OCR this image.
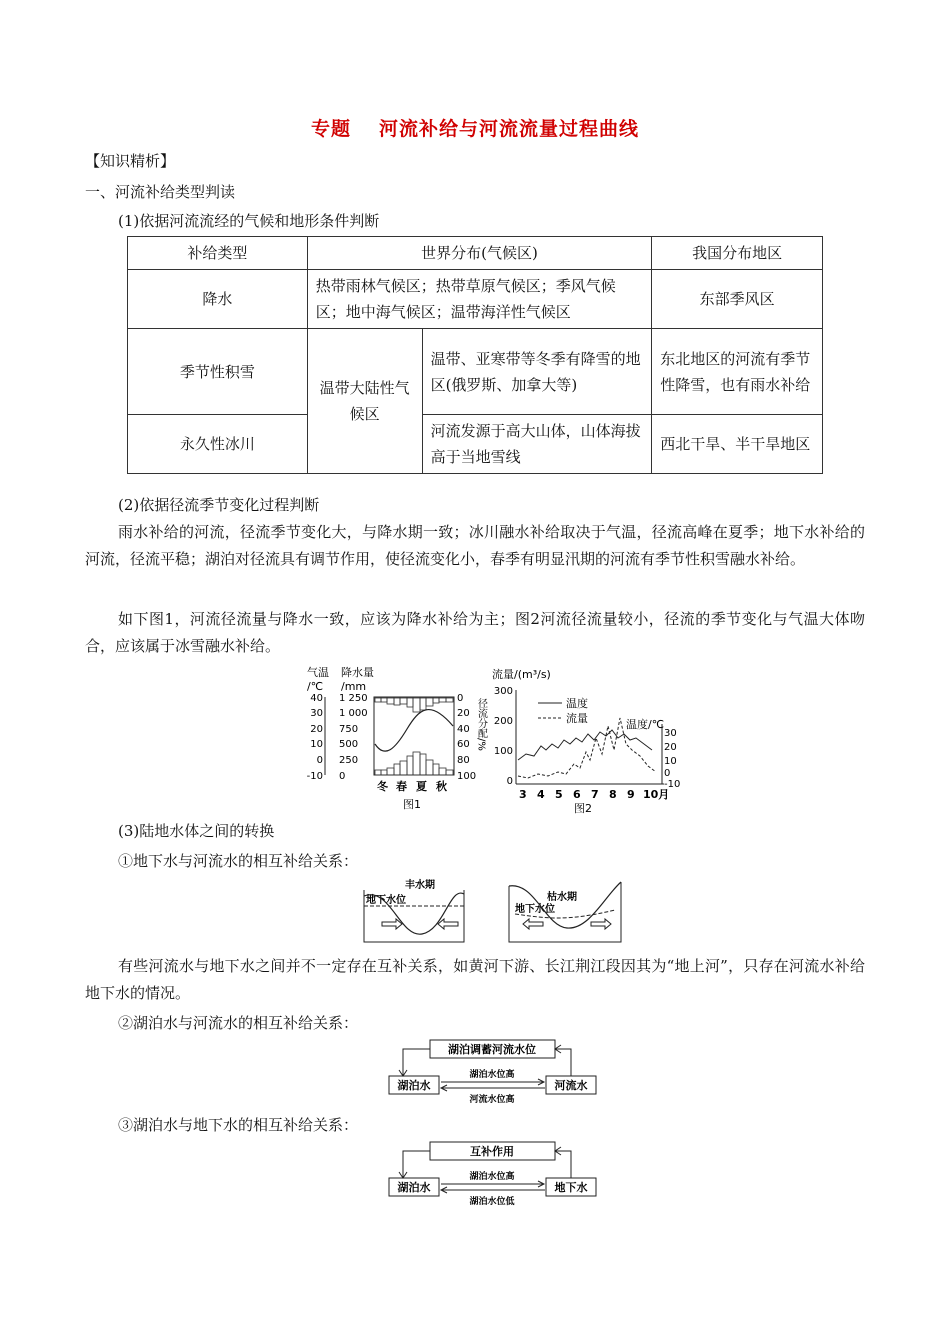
专题 河流补给与河流流量过程曲线
【知识精析】
一、河流补给类型判读
(1)依据河流流经的气候和地形条件判断
补给类型	世界分布(气候区)		我国分布地区
降水	热带雨林气候区；热带草原气候区；季风气候区；地中海气候区；温带海洋性气候区		东部季风区
季节性积雪	温带大陆性气候区	温带、亚寒带等冬季有降雪的地区(俄罗斯、加拿大等)	东北地区的河流有季节性降雪，也有雨水补给
永久性冰川		河流发源于高大山体，山体海拔高于当地雪线	西北干旱、半干旱地区
(2)依据径流季节变化过程判断
雨水补给的河流，径流季节变化大，与降水期一致；冰川融水补给取决于气温，径流高峰在夏季；地下水补给的河流，径流平稳；湖泊对径流具有调节作用，使径流变化小，春季有明显汛期的河流有季节性积雪融水补给。
如下图1，河流径流量与降水一致，应该为降水补给为主；图2河流径流量较小，径流的季节变化与气温大体吻合，应该属于冰雪融水补给。
气温
/℃
降水量
/mm
40
30
20
10
0
-10
1 250
1 000
750
500
250
0
0
20
40
60
80
100
径流分配/%
冬 春 夏 秋
图1
流量/(m³/s)
300
200
100
0
30
20
10
0
-10
温度/℃
温度
流量
3 4 5 6 7 8 9 10月
图2
(3)陆地水体之间的转换
①地下水与河流水的相互补给关系：
丰水期
地下水位	枯水期
地下水位
有些河流水与地下水之间并不一定存在互补关系，如黄河下游、长江荆江段因其为“地上河”，只存在河流水补给地下水的情况。
②湖泊水与河流水的相互补给关系：
湖泊调蓄河流水位
湖泊水	河流水
湖泊水位高
河流水位高
③湖泊水与地下水的相互补给关系：
互补作用
湖泊水	地下水
湖泊水位高
湖泊水位低
